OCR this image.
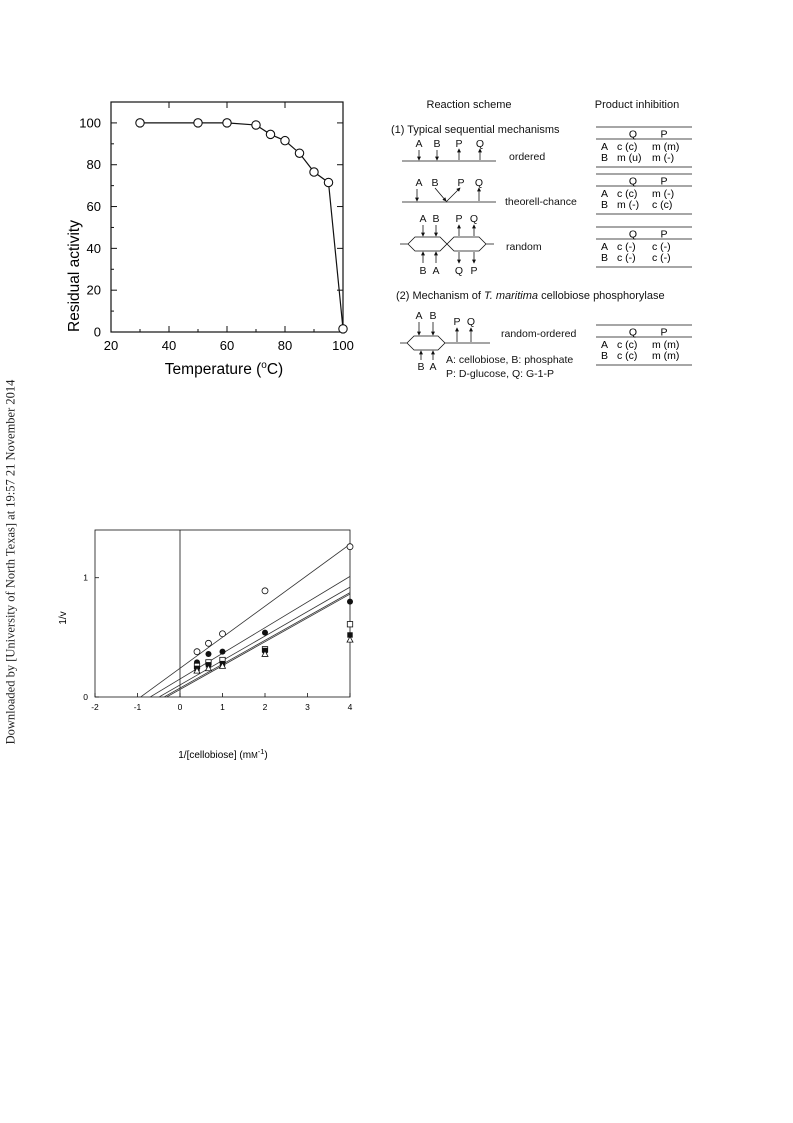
Downloaded by [University of North Texas] at 19:57 21 November 2014
20	40	60	80	100
0
20
40
60
80
100
Residual activity
Temperature ($^o$C)
Reaction scheme	Product inhibition
(1) Typical sequential mechanisms
A B P Q
ordered
A B P Q
theorell-chance
A B P Q
B A Q P
random
(2) Mechanism of T. maritima cellobiose phosphorylase
A B P Q
B A
random-ordered
A: cellobiose, B: phosphate
P: D-glucose, Q: G-1-P
Q P
A c (c) m (m)
B m (u) m (-)
Q P
A c (c) m (-)
B m (-) c (c)
Q P
A c (-) c (-)
B c (-) c (-)
Q P
A c (c) m (m)
B c (c) m (m)
-2	-1	0	1	2	3	4
0
1
1/v
1/[cellobiose] $(mM^{-1})$
